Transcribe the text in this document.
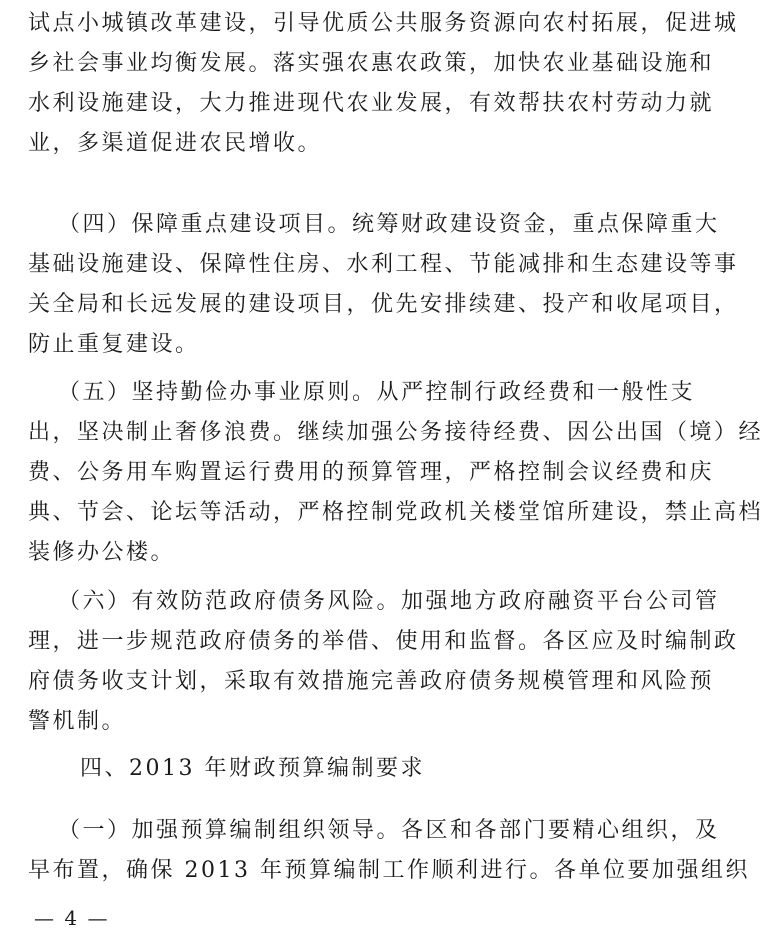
试点小城镇改革建设，引导优质公共服务资源向农村拓展，促进城
乡社会事业均衡发展。落实强农惠农政策，加快农业基础设施和
水利设施建设，大力推进现代农业发展，有效帮扶农村劳动力就
业，多渠道促进农民增收。
（四）保障重点建设项目。统筹财政建设资金，重点保障重大
基础设施建设、保障性住房、水利工程、节能减排和生态建设等事
关全局和长远发展的建设项目，优先安排续建、投产和收尾项目，
防止重复建设。
（五）坚持勤俭办事业原则。从严控制行政经费和一般性支
出，坚决制止奢侈浪费。继续加强公务接待经费、因公出国（境）经
费、公务用车购置运行费用的预算管理，严格控制会议经费和庆
典、节会、论坛等活动，严格控制党政机关楼堂馆所建设，禁止高档
装修办公楼。
（六）有效防范政府债务风险。加强地方政府融资平台公司管
理，进一步规范政府债务的举借、使用和监督。各区应及时编制政
府债务收支计划，采取有效措施完善政府债务规模管理和风险预
警机制。
四、2013 年财政预算编制要求
（一）加强预算编制组织领导。各区和各部门要精心组织，及
早布置，确保 2013 年预算编制工作顺利进行。各单位要加强组织
— 4 —
